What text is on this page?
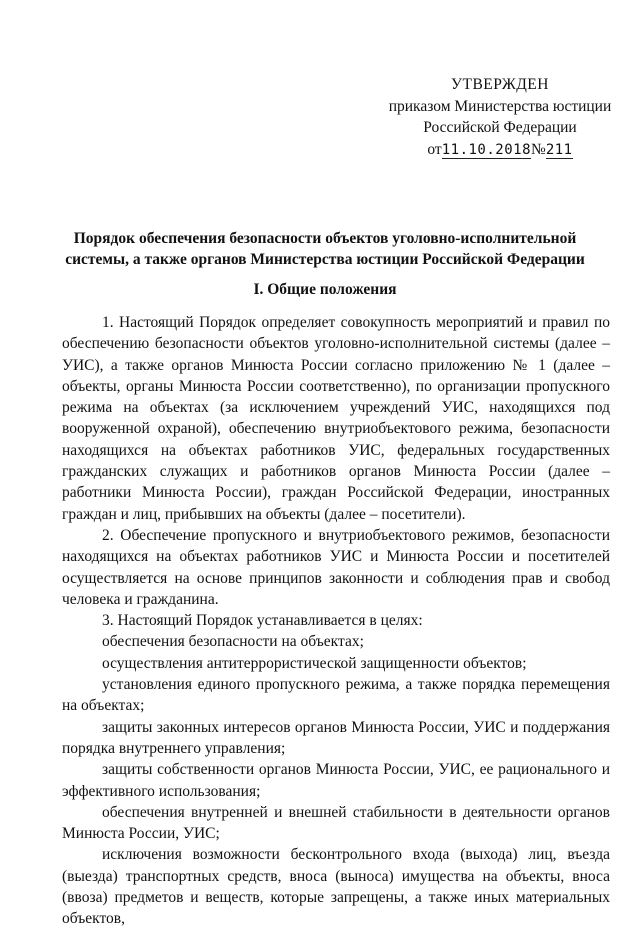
УТВЕРЖДЕН
приказом Министерства юстиции
Российской Федерации
от 11.10.2018 № 211
Порядок обеспечения безопасности объектов уголовно-исполнительной
системы, а также органов Министерства юстиции Российской Федерации
I. Общие положения

1. Настоящий Порядок определяет совокупность мероприятий и правил по обеспечению безопасности объектов уголовно-исполнительной системы (далее – УИС), а также органов Минюста России согласно приложению № 1 (далее – объекты, органы Минюста России соответственно), по организации пропускного режима на объектах (за исключением учреждений УИС, находящихся под вооруженной охраной), обеспечению внутриобъектового режима, безопасности находящихся на объектах работников УИС, федеральных государственных гражданских служащих и работников органов Минюста России (далее – работники Минюста России), граждан Российской Федерации, иностранных граждан и лиц, прибывших на объекты (далее – посетители).

2. Обеспечение пропускного и внутриобъектового режимов, безопасности находящихся на объектах работников УИС и Минюста России и посетителей осуществляется на основе принципов законности и соблюдения прав и свобод человека и гражданина.

3. Настоящий Порядок устанавливается в целях:

обеспечения безопасности на объектах;

осуществления антитеррористической защищенности объектов;

установления единого пропускного режима, а также порядка перемещения на объектах;

защиты законных интересов органов Минюста России, УИС и поддержания порядка внутреннего управления;

защиты собственности органов Минюста России, УИС, ее рационального и эффективного использования;

обеспечения внутренней и внешней стабильности в деятельности органов Минюста России, УИС;

исключения возможности бесконтрольного входа (выхода) лиц, въезда (выезда) транспортных средств, вноса (выноса) имущества на объекты, вноса (ввоза) предметов и веществ, которые запрещены, а также иных материальных объектов,
